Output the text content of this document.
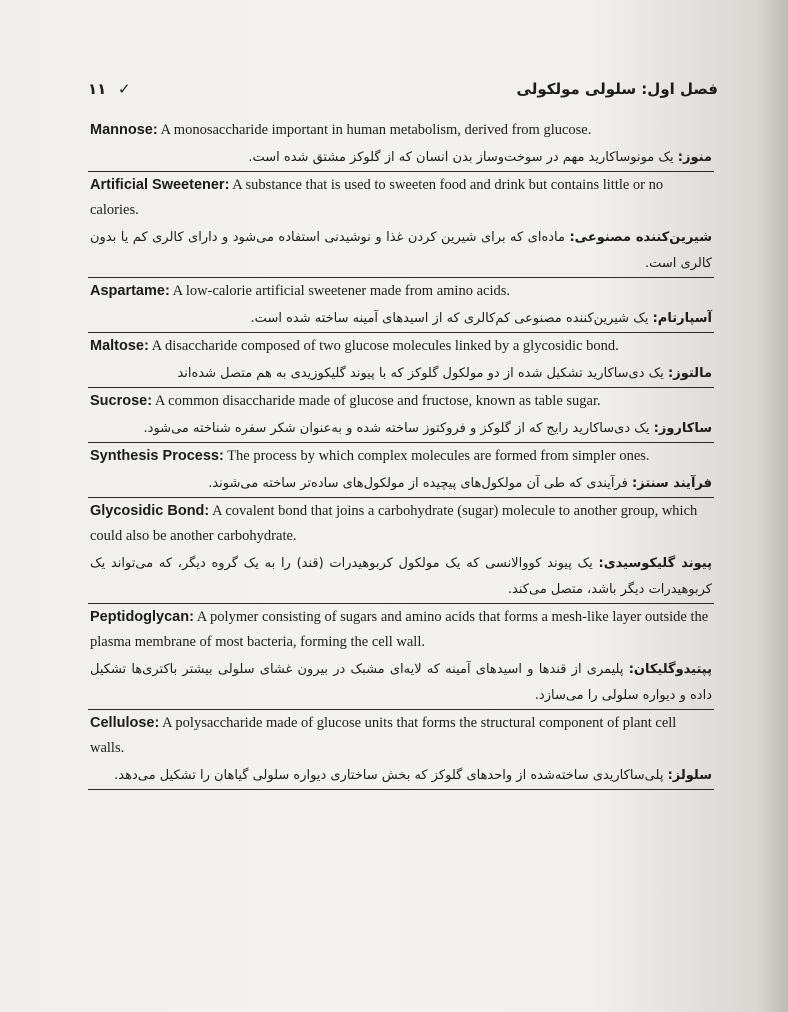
١١ ✓	فصل اول: سلولی مولکولی

Mannose: A monosaccharide important in human metabolism, derived from glucose.

منوز: یک مونوساکارید مهم در سوخت‌وساز بدن انسان که از گلوکز مشتق شده است.

Artificial Sweetener: A substance that is used to sweeten food and drink but contains little or no calories.

شیرین‌کننده مصنوعی: ماده‌ای که برای شیرین کردن غذا و نوشیدنی استفاده می‌شود و دارای کالری کم یا بدون کالری است.

Aspartame: A low-calorie artificial sweetener made from amino acids.

آسپارتام: یک شیرین‌کننده مصنوعی کم‌کالری که از اسیدهای آمینه ساخته شده است.

Maltose: A disaccharide composed of two glucose molecules linked by a glycosidic bond.

مالتوز: یک دی‌ساکارید تشکیل شده از دو مولکول گلوکز که با پیوند گلیکوزیدی به هم متصل شده‌اند

Sucrose: A common disaccharide made of glucose and fructose, known as table sugar.

ساکاروز: یک دی‌ساکارید رایج که از گلوکز و فروکتوز ساخته شده و به‌عنوان شکر سفره شناخته می‌شود.

Synthesis Process: The process by which complex molecules are formed from simpler ones.

فرآیند سنتز: فرآیندی که طی آن مولکول‌های پیچیده از مولکول‌های ساده‌تر ساخته می‌شوند.

Glycosidic Bond: A covalent bond that joins a carbohydrate (sugar) molecule to another group, which could also be another carbohydrate.

پیوند گلیکوسیدی: یک پیوند کووالانسی که یک مولکول کربوهیدرات (قند) را به یک گروه دیگر، که می‌تواند یک کربوهیدرات دیگر باشد، متصل می‌کند.

Peptidoglycan: A polymer consisting of sugars and amino acids that forms a mesh-like layer outside the plasma membrane of most bacteria, forming the cell wall.

پپتیدوگلیکان: پلیمری از قندها و اسیدهای آمینه که لایه‌ای مشبک در بیرون غشای سلولی بیشتر باکتری‌ها تشکیل داده و دیواره سلولی را می‌سازد.

Cellulose: A polysaccharide made of glucose units that forms the structural component of plant cell walls.

سلولز: پلی‌ساکاریدی ساخته‌شده از واحدهای گلوکز که بخش ساختاری دیواره سلولی گیاهان را تشکیل می‌دهد.
